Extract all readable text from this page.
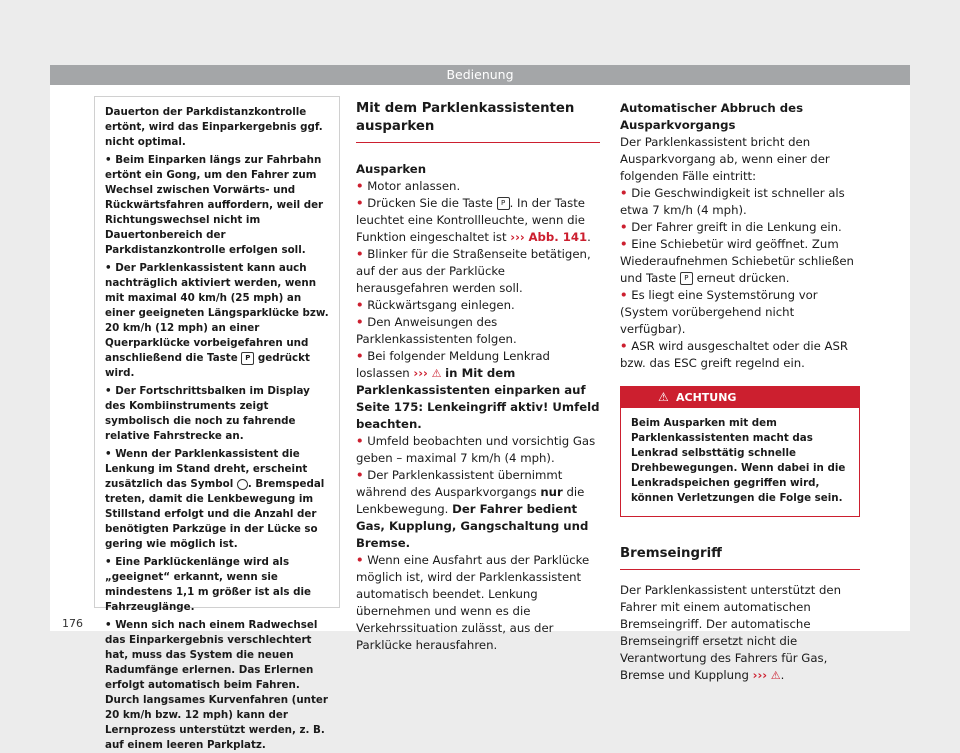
Bedienung

Dauerton der Parkdistanzkontrolle ertönt, wird das Einparkergebnis ggf. nicht optimal.

• Beim Einparken längs zur Fahrbahn ertönt ein Gong, um den Fahrer zum Wechsel zwischen Vorwärts- und Rückwärtsfahren auffordern, weil der Richtungswechsel nicht im Dauertonbereich der Parkdistanzkontrolle erfolgen soll.

• Der Parklenkassistent kann auch nachträglich aktiviert werden, wenn mit maximal 40 km/h (25 mph) an einer geeigneten Längsparklücke bzw. 20 km/h (12 mph) an einer Querparklücke vorbeigefahren und anschließend die Taste P gedrückt wird.

• Der Fortschrittsbalken im Display des Kombiinstruments zeigt symbolisch die noch zu fahrende relative Fahrstrecke an.

• Wenn der Parklenkassistent die Lenkung im Stand dreht, erscheint zusätzlich das Symbol . Bremspedal treten, damit die Lenkbewegung im Stillstand erfolgt und die Anzahl der benötigten Parkzüge in der Lücke so gering wie möglich ist.

• Eine Parklückenlänge wird als „geeignet“ erkannt, wenn sie mindestens 1,1 m größer ist als die Fahrzeuglänge.

• Wenn sich nach einem Radwechsel das Einparkergebnis verschlechtert hat, muss das System die neuen Radumfänge erlernen. Das Erlernen erfolgt automatisch beim Fahren. Durch langsames Kurvenfahren (unter 20 km/h bzw. 12 mph) kann der Lernprozess unterstützt werden, z. B. auf einem leeren Parkplatz.

Mit dem Parklenkassistenten ausparken

Ausparken

• Motor anlassen.

• Drücken Sie die Taste P . In der Taste leuchtet eine Kontrollleuchte, wenn die Funktion eingeschaltet ist ››› Abb. 141.

• Blinker für die Straßenseite betätigen, auf der aus der Parklücke herausgefahren werden soll.

• Rückwärtsgang einlegen.

• Den Anweisungen des Parklenkassistenten folgen.

• Bei folgender Meldung Lenkrad loslassen ››› ⚠ in Mit dem Parklenkassistenten einparken auf Seite 175: Lenkeingriff aktiv! Umfeld beachten.

• Umfeld beobachten und vorsichtig Gas geben – maximal 7 km/h (4 mph).

• Der Parklenkassistent übernimmt während des Ausparkvorgangs nur die Lenkbewegung. Der Fahrer bedient Gas, Kupplung, Gangschaltung und Bremse.

• Wenn eine Ausfahrt aus der Parklücke möglich ist, wird der Parklenkassistent automatisch beendet. Lenkung übernehmen und wenn es die Verkehrssituation zulässt, aus der Parklücke herausfahren.

Automatischer Abbruch des Ausparkvorgangs

Der Parklenkassistent bricht den Ausparkvorgang ab, wenn einer der folgenden Fälle eintritt:

• Die Geschwindigkeit ist schneller als etwa 7 km/h (4 mph).

• Der Fahrer greift in die Lenkung ein.

• Eine Schiebetür wird geöffnet. Zum Wiederaufnehmen Schiebetür schließen und Taste P erneut drücken.

• Es liegt eine Systemstörung vor (System vorübergehend nicht verfügbar).

• ASR wird ausgeschaltet oder die ASR bzw. das ESC greift regelnd ein.

⚠ ACHTUNG
Beim Ausparken mit dem Parklenkassistenten macht das Lenkrad selbsttätig schnelle Drehbewegungen. Wenn dabei in die Lenkradspeichen gegriffen wird, können Verletzungen die Folge sein.
Bremseingriff

Der Parklenkassistent unterstützt den Fahrer mit einem automatischen Bremseingriff. Der automatische Bremseingriff ersetzt nicht die Verantwortung des Fahrers für Gas, Bremse und Kupplung ››› ⚠.

176
